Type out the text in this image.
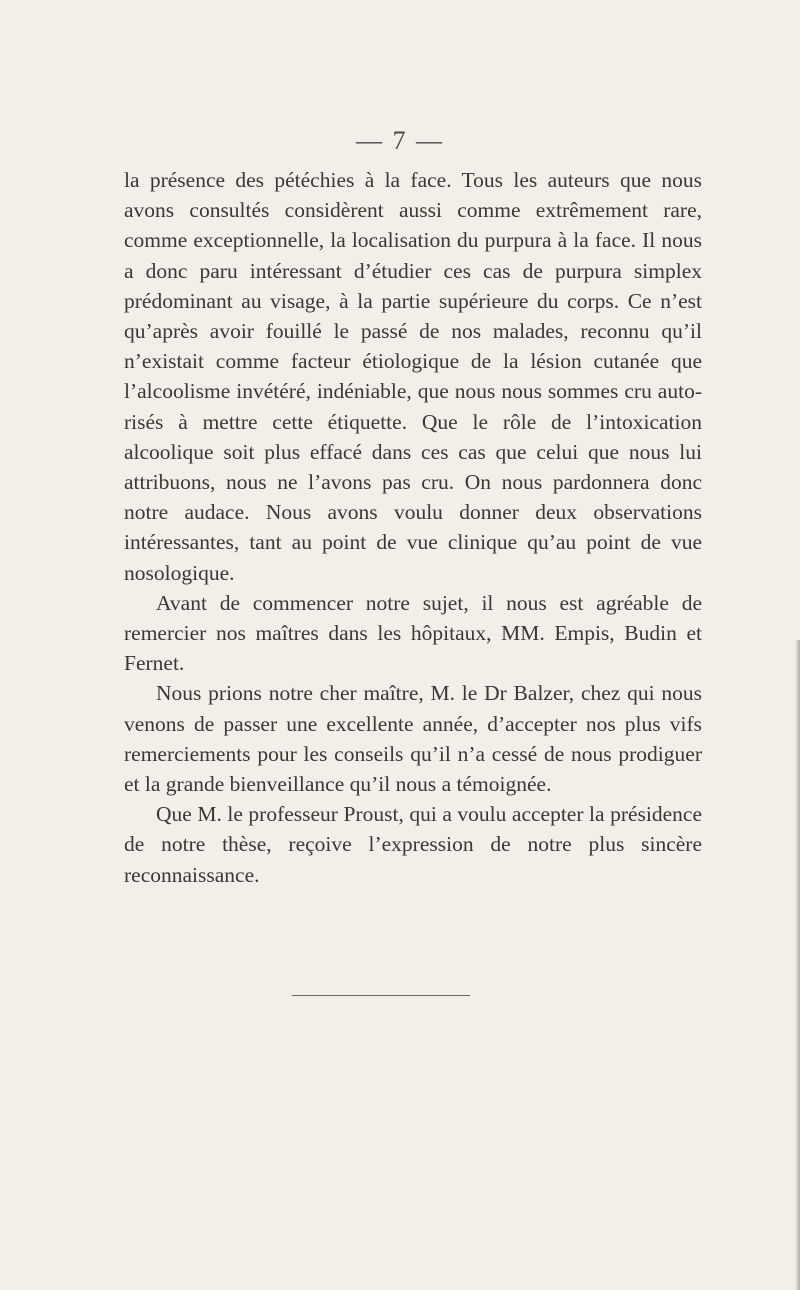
— 7 —

la présence des pétéchies à la face. Tous les auteurs que nous avons consultés considèrent aussi comme extrêmement rare, comme exceptionnelle, la localisation du purpura à la face. Il nous a donc paru intéressant d’étudier ces cas de purpura simplex prédominant au visage, à la partie supérieure du corps. Ce n’est qu’après avoir fouillé le passé de nos malades, reconnu qu’il n’existait comme facteur étiologique de la lésion cutanée que l’alcoolisme invétéré, indéniable, que nous nous sommes cru autorisés à mettre cette étiquette. Que le rôle de l’intoxication alcoolique soit plus effacé dans ces cas que celui que nous lui attribuons, nous ne l’avons pas cru. On nous pardonnera donc notre audace. Nous avons voulu donner deux observations intéressantes, tant au point de vue clinique qu’au point de vue nosologique.

Avant de commencer notre sujet, il nous est agréable de remercier nos maîtres dans les hôpitaux, MM. Empis, Budin et Fernet.

Nous prions notre cher maître, M. le Dr Balzer, chez qui nous venons de passer une excellente année, d’accepter nos plus vifs remerciements pour les conseils qu’il n’a cessé de nous prodiguer et la grande bienveillance qu’il nous a témoignée.

Que M. le professeur Proust, qui a voulu accepter la présidence de notre thèse, reçoive l’expression de notre plus sincère reconnaissance.
